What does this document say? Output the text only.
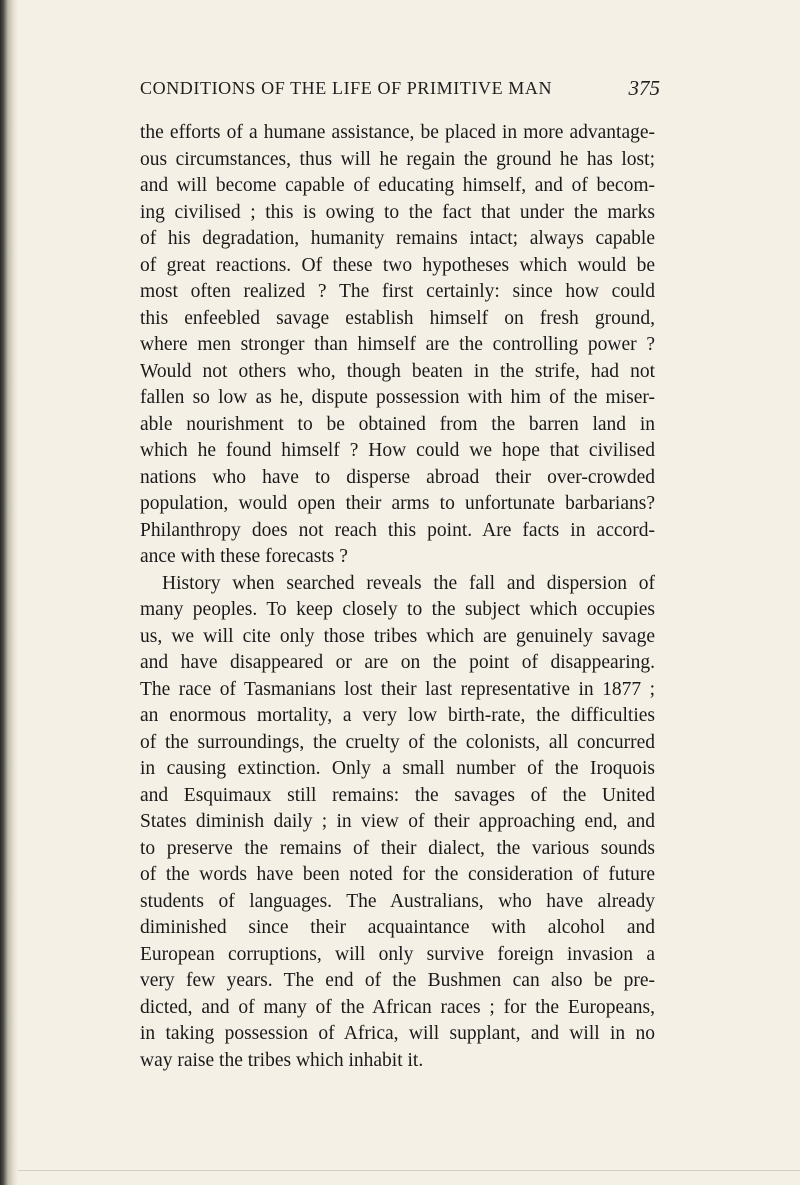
CONDITIONS OF THE LIFE OF PRIMITIVE MAN	375
the efforts of a humane assistance, be placed in more advantage-
ous circumstances, thus will he regain the ground he has lost;
and will become capable of educating himself, and of becom-
ing civilised ; this is owing to the fact that under the marks
of his degradation, humanity remains intact; always capable
of great reactions. Of these two hypotheses which would be
most often realized ? The first certainly: since how could
this enfeebled savage establish himself on fresh ground,
where men stronger than himself are the controlling power ?
Would not others who, though beaten in the strife, had not
fallen so low as he, dispute possession with him of the miser-
able nourishment to be obtained from the barren land in
which he found himself ? How could we hope that civilised
nations who have to disperse abroad their over-crowded
population, would open their arms to unfortunate barbarians?
Philanthropy does not reach this point. Are facts in accord-
ance with these forecasts ?
History when searched reveals the fall and dispersion of
many peoples. To keep closely to the subject which occupies
us, we will cite only those tribes which are genuinely savage
and have disappeared or are on the point of disappearing.
The race of Tasmanians lost their last representative in 1877 ;
an enormous mortality, a very low birth-rate, the difficulties
of the surroundings, the cruelty of the colonists, all concurred
in causing extinction. Only a small number of the Iroquois
and Esquimaux still remains: the savages of the United
States diminish daily ; in view of their approaching end, and
to preserve the remains of their dialect, the various sounds
of the words have been noted for the consideration of future
students of languages. The Australians, who have already
diminished since their acquaintance with alcohol and
European corruptions, will only survive foreign invasion a
very few years. The end of the Bushmen can also be pre-
dicted, and of many of the African races ; for the Europeans,
in taking possession of Africa, will supplant, and will in no
way raise the tribes which inhabit it.
